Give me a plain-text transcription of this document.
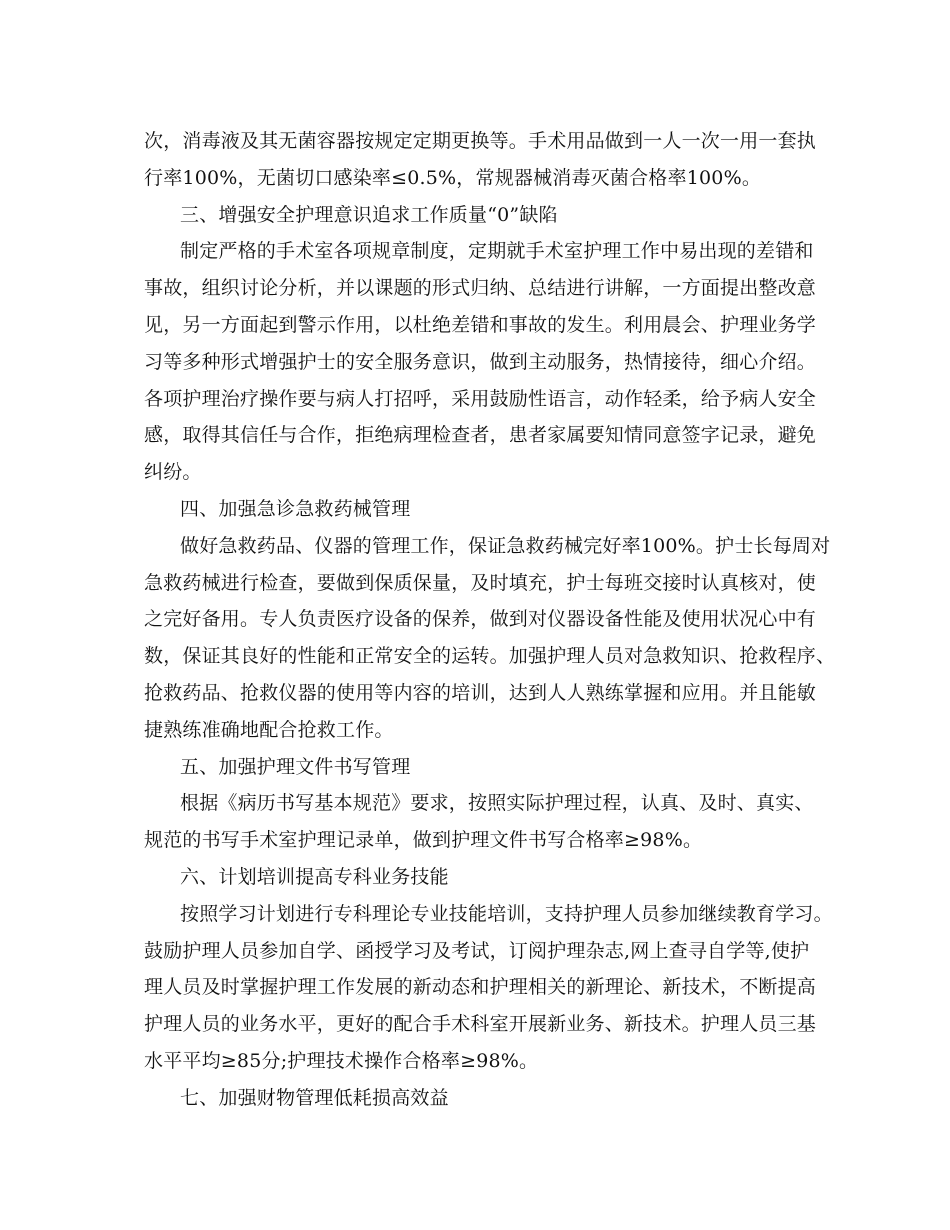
次，消毒液及其无菌容器按规定定期更换等。手术用品做到一人一次一用一套执
行率100%，无菌切口感染率≤0.5%，常规器械消毒灭菌合格率100%。
三、增强安全护理意识追求工作质量“0”缺陷
制定严格的手术室各项规章制度，定期就手术室护理工作中易出现的差错和
事故，组织讨论分析，并以课题的形式归纳、总结进行讲解，一方面提出整改意
见，另一方面起到警示作用，以杜绝差错和事故的发生。利用晨会、护理业务学
习等多种形式增强护士的安全服务意识，做到主动服务，热情接待，细心介绍。
各项护理治疗操作要与病人打招呼，采用鼓励性语言，动作轻柔，给予病人安全
感，取得其信任与合作，拒绝病理检查者，患者家属要知情同意签字记录，避免
纠纷。
四、加强急诊急救药械管理
做好急救药品、仪器的管理工作，保证急救药械完好率100%。护士长每周对
急救药械进行检查，要做到保质保量，及时填充，护士每班交接时认真核对，使
之完好备用。专人负责医疗设备的保养，做到对仪器设备性能及使用状况心中有
数，保证其良好的性能和正常安全的运转。加强护理人员对急救知识、抢救程序、
抢救药品、抢救仪器的使用等内容的培训，达到人人熟练掌握和应用。并且能敏
捷熟练准确地配合抢救工作。
五、加强护理文件书写管理
根据《病历书写基本规范》要求，按照实际护理过程，认真、及时、真实、
规范的书写手术室护理记录单，做到护理文件书写合格率≥98%。
六、计划培训提高专科业务技能
按照学习计划进行专科理论专业技能培训，支持护理人员参加继续教育学习。
鼓励护理人员参加自学、函授学习及考试，订阅护理杂志,网上查寻自学等,使护
理人员及时掌握护理工作发展的新动态和护理相关的新理论、新技术，不断提高
护理人员的业务水平，更好的配合手术科室开展新业务、新技术。护理人员三基
水平平均≥85分;护理技术操作合格率≥98%。
七、加强财物管理低耗损高效益
